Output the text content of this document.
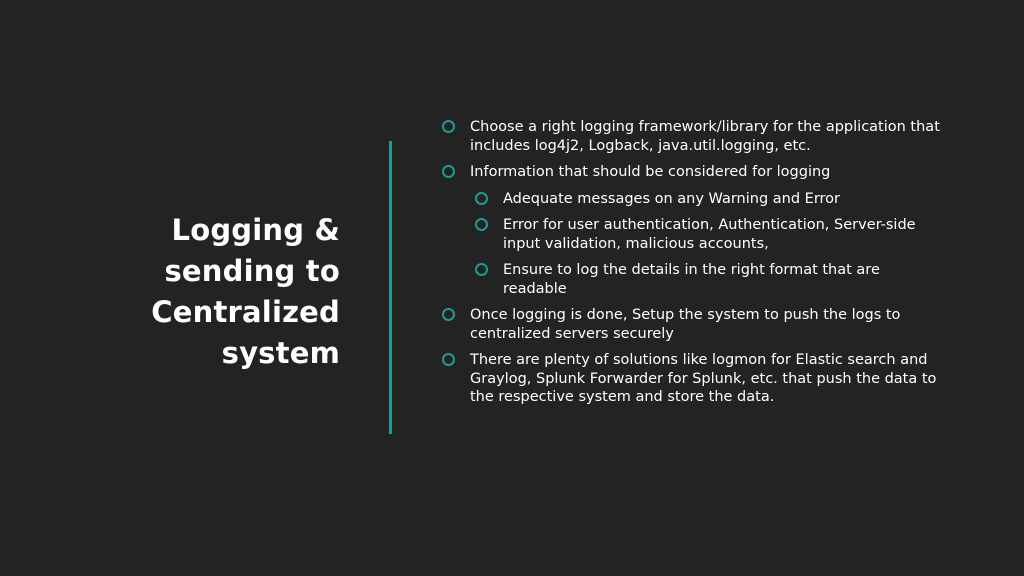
Logging &
sending to
Centralized
system
Choose a right logging framework/library for the application that includes log4j2, Logback, java.util.logging, etc.
Information that should be considered for logging
Adequate messages on any Warning and Error
Error for user authentication, Authentication, Server-side input validation, malicious accounts,
Ensure to log the details in the right format that are readable
Once logging is done, Setup the system to push the logs to centralized servers securely
There are plenty of solutions like logmon for Elastic search and Graylog, Splunk Forwarder for Splunk, etc. that push the data to the respective system and store the data.
